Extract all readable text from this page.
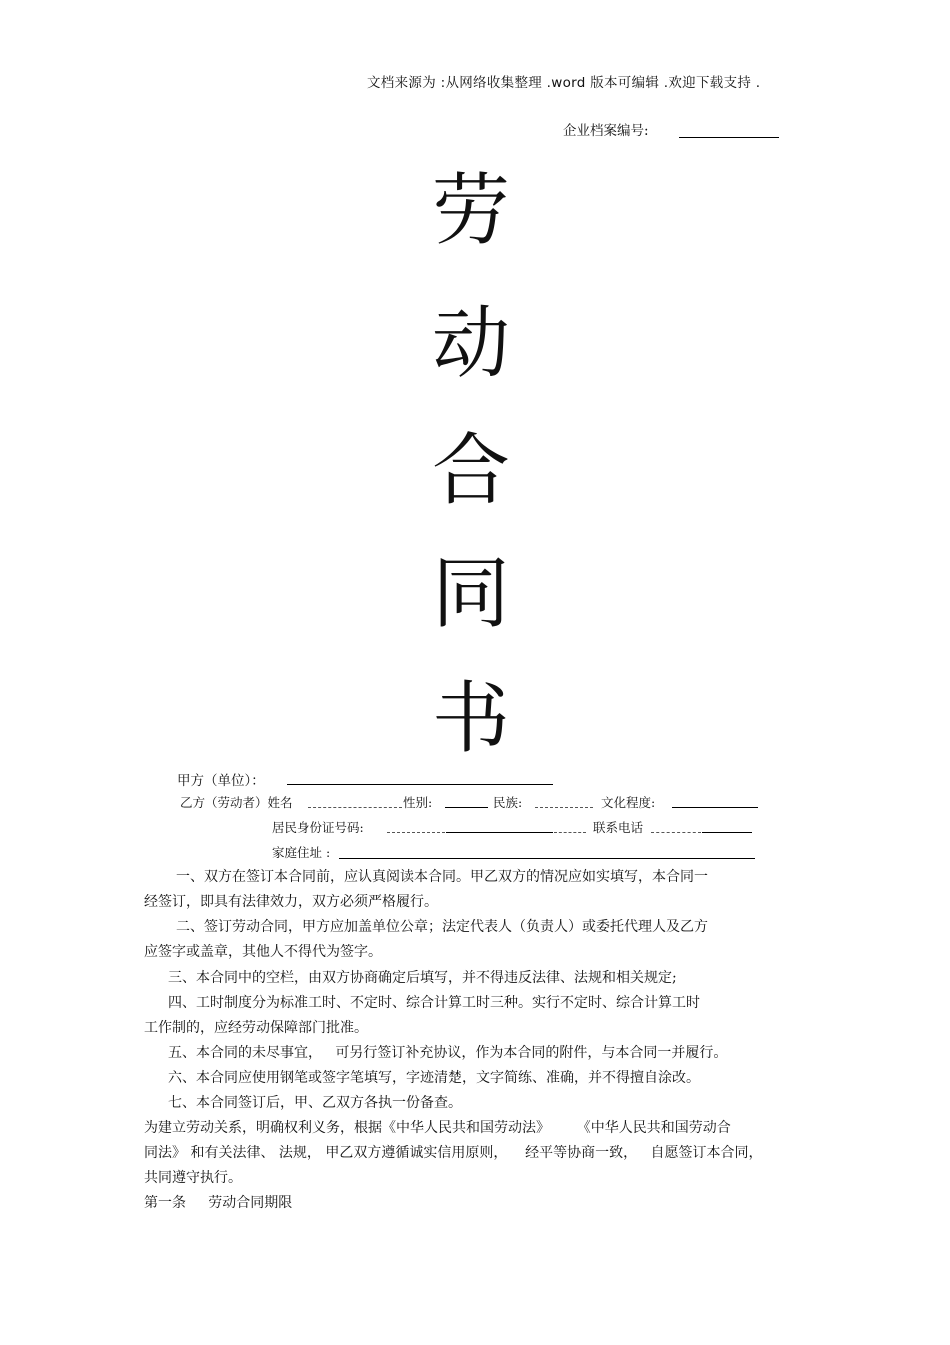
文档来源为 :从网络收集整理 .word 版本可编辑 .欢迎下载支持 .
企业档案编号:
劳
动
合
同
书
甲方（单位）：
乙方（劳动者）姓名	性别:	民族:	文化程度:
居民身份证号码:	联系电话
家庭住址 :
一、双方在签订本合同前，应认真阅读本合同。甲乙双方的情况应如实填写，本合同一
经签订，即具有法律效力，双方必须严格履行。
二、签订劳动合同，甲方应加盖单位公章；法定代表人（负责人）或委托代理人及乙方
应签字或盖章，其他人不得代为签字。
三、本合同中的空栏，由双方协商确定后填写，并不得违反法律、法规和相关规定;
四、工时制度分为标准工时、不定时、综合计算工时三种。实行不定时、综合计算工时
工作制的，应经劳动保障部门批准。
五、本合同的未尽事宜，   可另行签订补充协议，作为本合同的附件，与本合同一并履行。
六、本合同应使用钢笔或签字笔填写，字迹清楚，文字简练、准确，并不得擅自涂改。
七、本合同签订后，甲、乙双方各执一份备查。
为建立劳动关系，明确权利义务，根据《中华人民共和国劳动法》      《中华人民共和国劳动合
同法》 和有关法律、 法规， 甲乙双方遵循诚实信用原则，    经平等协商一致，   自愿签订本合同，
共同遵守执行。
第一条     劳动合同期限
